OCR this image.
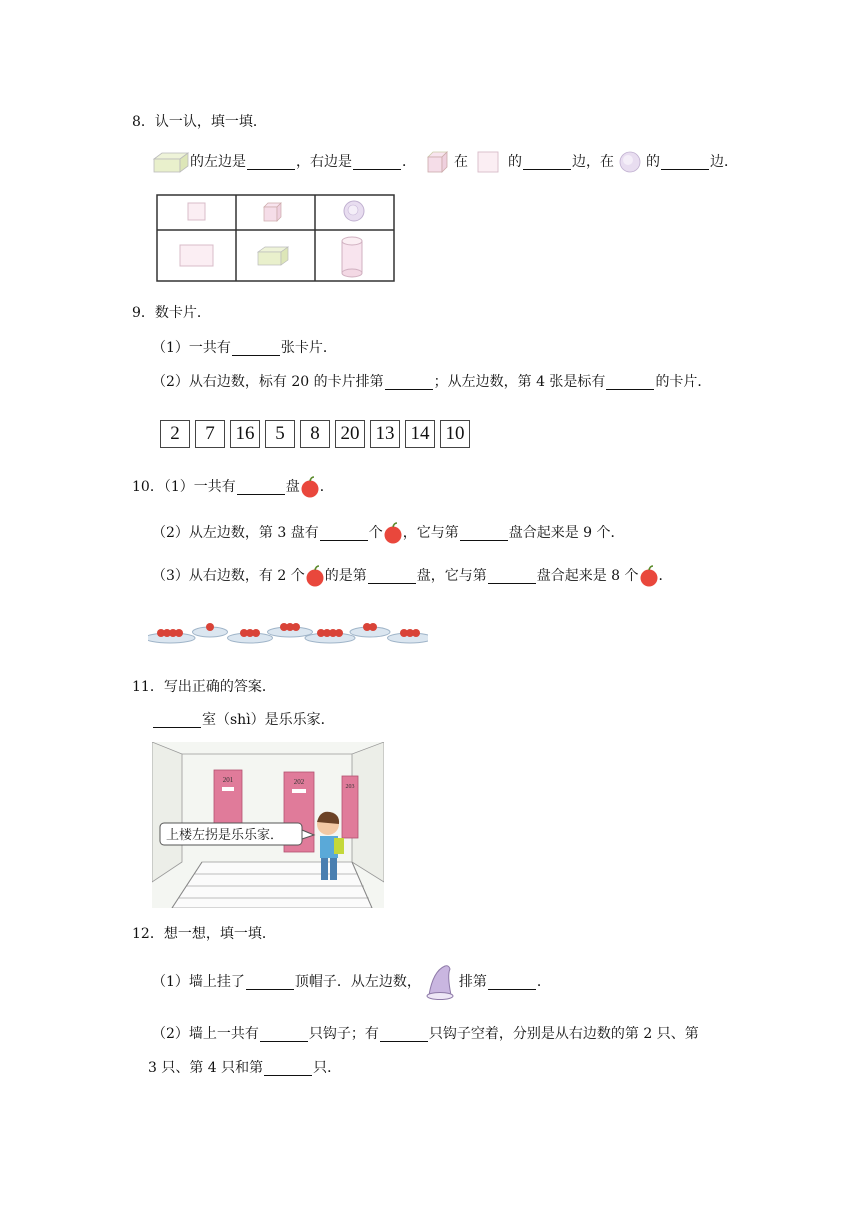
8．认一认，填一填．
的左边是	，右边是	．	在	的	边，在 的	边．
9．数卡片．
（1）一共有	张卡片．
（2）从右边数，标有 20 的卡片排第	；从左边数，第 4 张是标有	的卡片．
2	7	16	5	8	20 13 14 10
10．（1）一共有	盘 ．
（2）从左边数，第 3 盘有	个 ，它与第	盘合起来是 9 个．
（3）从右边数，有 2 个 的是第	盘，它与第	盘合起来是 8 个 ．
11．写出正确的答案．
室（shì）是乐乐家．
201	202
203
上楼左拐是乐乐家．
12．想一想，填一填．
（1）墙上挂了	顶帽子．从左边数，	排第	．
（2）墙上一共有	只钩子；有	只钩子空着，分别是从右边数的第 2 只、第
3 只、第 4 只和第	只．
